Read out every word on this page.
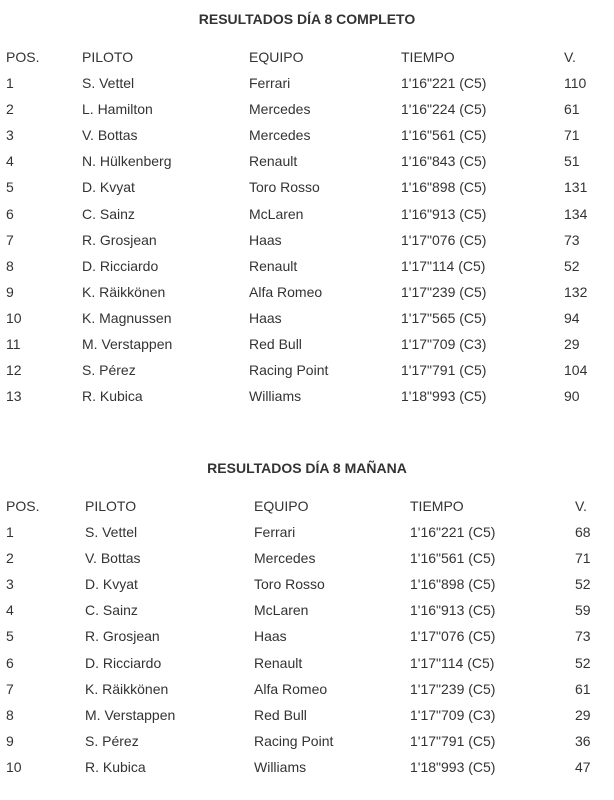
RESULTADOS DÍA 8 COMPLETO
POS.	PILOTO	EQUIPO	TIEMPO	V.
1	S. Vettel	Ferrari	1'16"221 (C5)	110
2	L. Hamilton	Mercedes	1'16"224 (C5)	61
3	V. Bottas	Mercedes	1'16"561 (C5)	71
4	N. Hülkenberg	Renault	1'16"843 (C5)	51
5	D. Kvyat	Toro Rosso	1'16"898 (C5)	131
6	C. Sainz	McLaren	1'16"913 (C5)	134
7	R. Grosjean	Haas	1'17"076 (C5)	73
8	D. Ricciardo	Renault	1'17"114 (C5)	52
9	K. Räikkönen	Alfa Romeo	1'17"239 (C5)	132
10	K. Magnussen	Haas	1'17"565 (C5)	94
11	M. Verstappen	Red Bull	1'17"709 (C3)	29
12	S. Pérez	Racing Point	1'17"791 (C5)	104
13	R. Kubica	Williams	1'18"993 (C5)	90
RESULTADOS DÍA 8 MAÑANA
POS.	PILOTO	EQUIPO	TIEMPO	V.
1	S. Vettel	Ferrari	1'16"221 (C5)	68
2	V. Bottas	Mercedes	1'16"561 (C5)	71
3	D. Kvyat	Toro Rosso	1'16"898 (C5)	52
4	C. Sainz	McLaren	1'16"913 (C5)	59
5	R. Grosjean	Haas	1'17"076 (C5)	73
6	D. Ricciardo	Renault	1'17"114 (C5)	52
7	K. Räikkönen	Alfa Romeo	1'17"239 (C5)	61
8	M. Verstappen	Red Bull	1'17"709 (C3)	29
9	S. Pérez	Racing Point	1'17"791 (C5)	36
10	R. Kubica	Williams	1'18"993 (C5)	47
